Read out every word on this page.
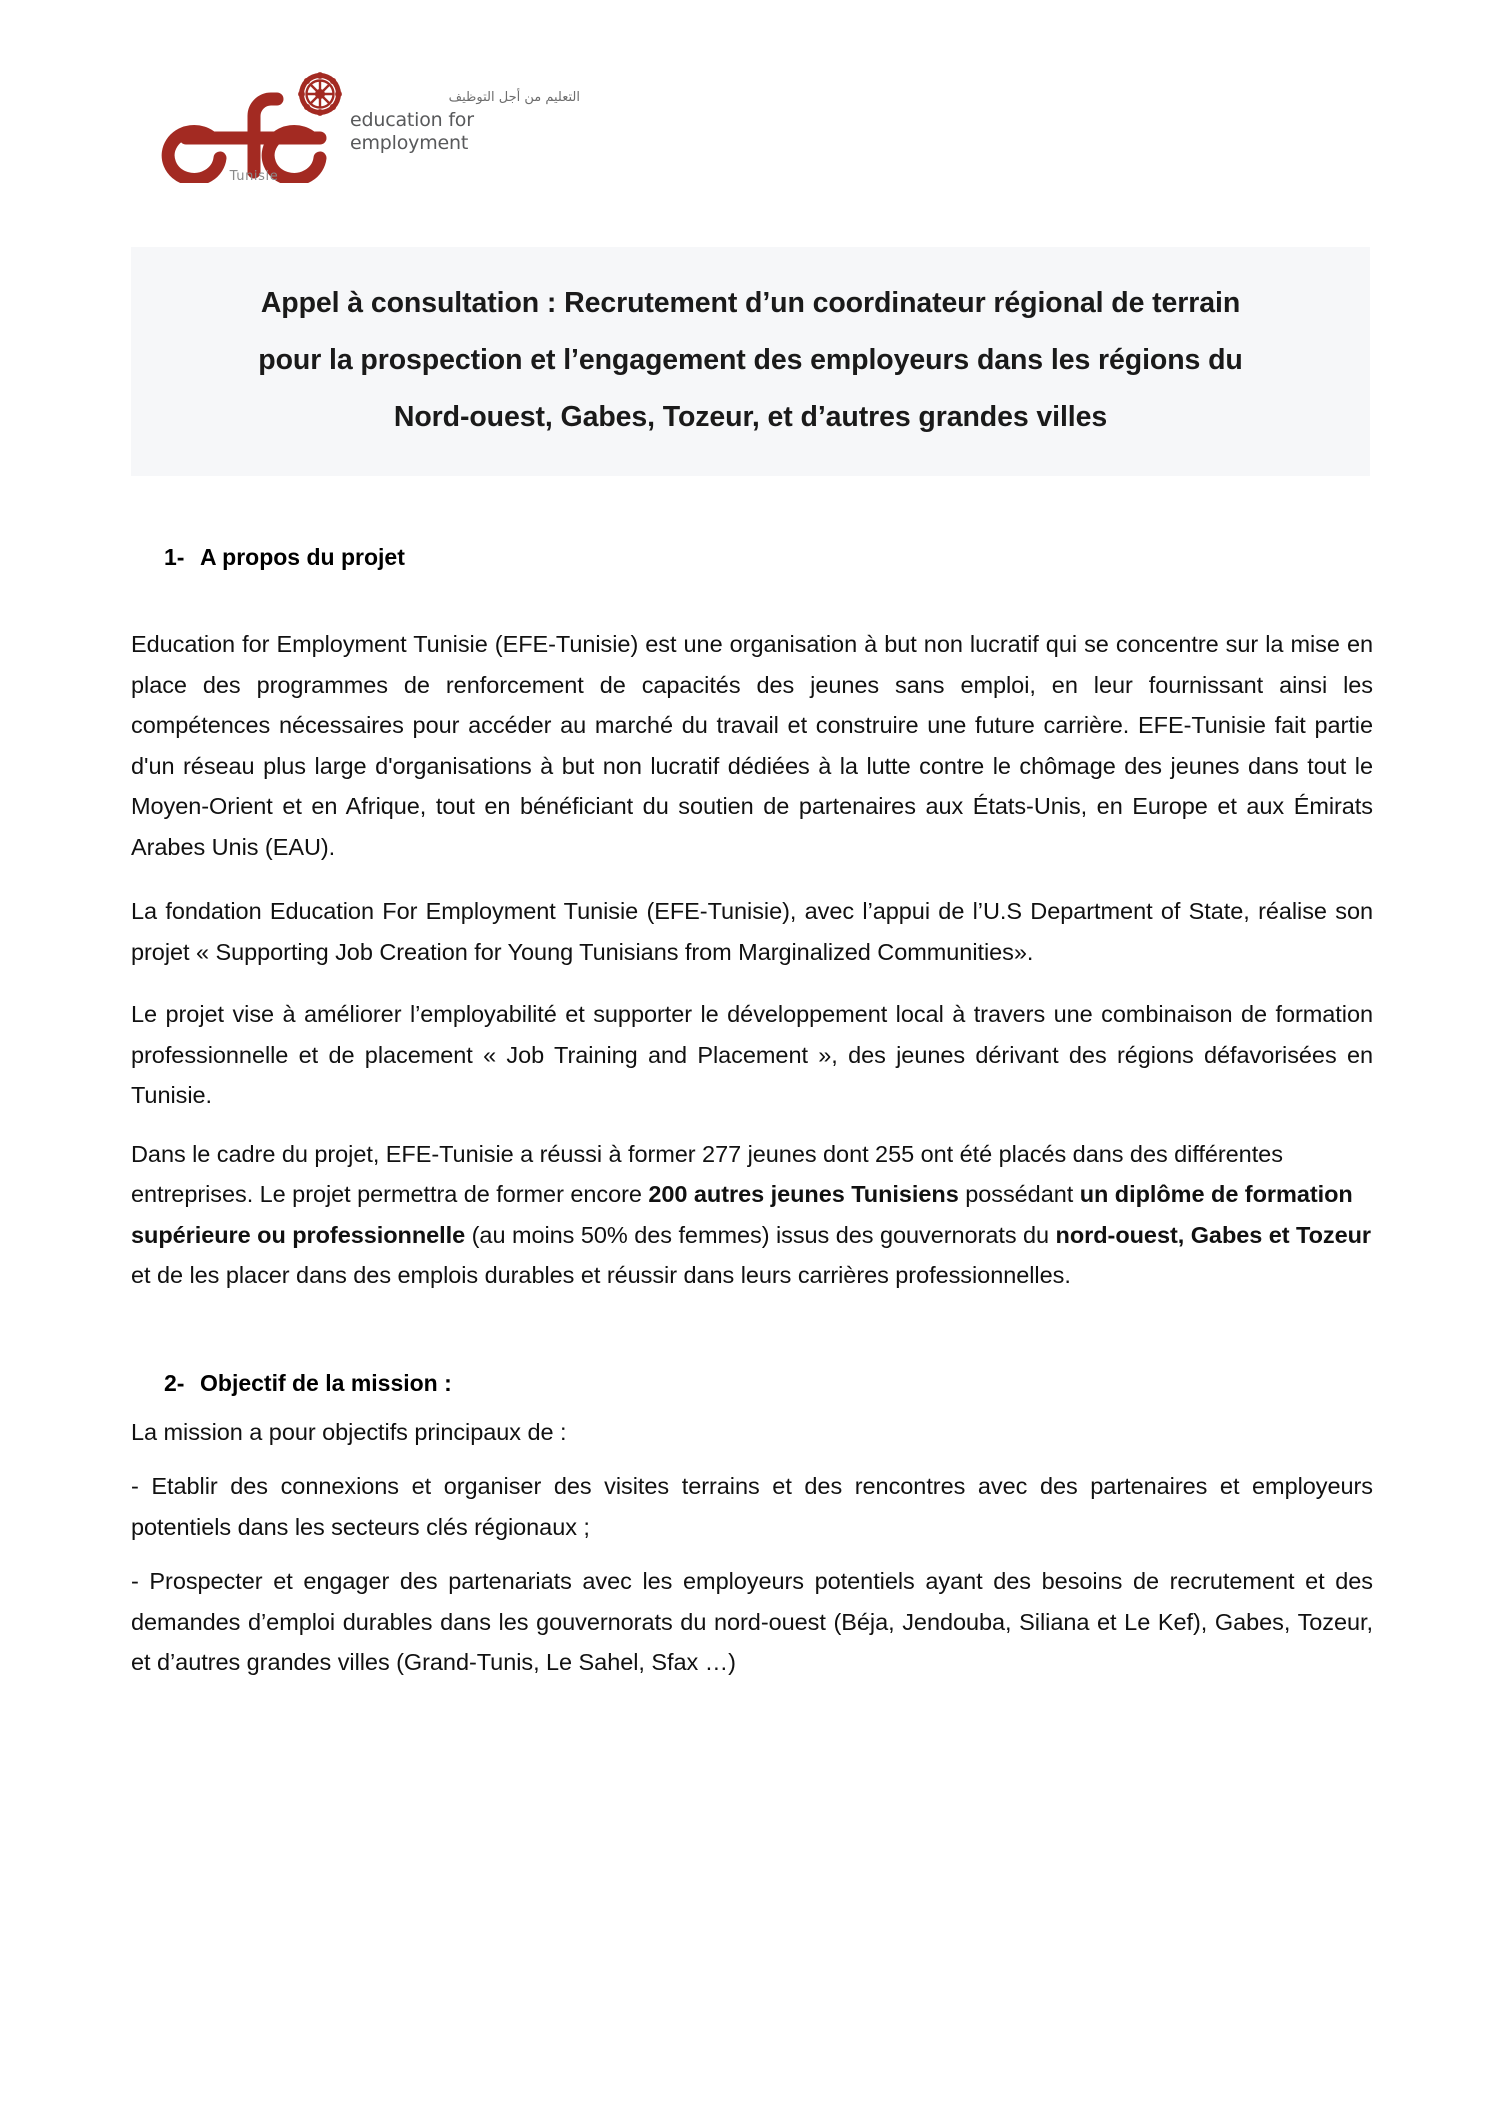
Tunisie
التعليم من أجل التوظيف
education for
employment
Appel à consultation : Recrutement d’un coordinateur régional de terrain
pour la prospection et l’engagement des employeurs dans les régions du
Nord-ouest, Gabes, Tozeur, et d’autres grandes villes
1- A propos du projet

Education for Employment Tunisie (EFE-Tunisie) est une organisation à but non lucratif qui se concentre sur la mise en place des programmes de renforcement de capacités des jeunes sans emploi, en leur fournissant ainsi les compétences nécessaires pour accéder au marché du travail et construire une future carrière. EFE-Tunisie fait partie d'un réseau plus large d'organisations à but non lucratif dédiées à la lutte contre le chômage des jeunes dans tout le Moyen-Orient et en Afrique, tout en bénéficiant du soutien de partenaires aux États-Unis, en Europe et aux Émirats Arabes Unis (EAU).

La fondation Education For Employment Tunisie (EFE-Tunisie), avec l’appui de l’U.S Department of State, réalise son projet « Supporting Job Creation for Young Tunisians from Marginalized Communities».

Le projet vise à améliorer l’employabilité et supporter le développement local à travers une combinaison de formation professionnelle et de placement « Job Training and Placement », des jeunes dérivant des régions défavorisées en Tunisie.

Dans le cadre du projet, EFE-Tunisie a réussi à former 277 jeunes dont 255 ont été placés dans des différentes entreprises. Le projet permettra de former encore 200 autres jeunes Tunisiens possédant un diplôme de formation supérieure ou professionnelle (au moins 50% des femmes) issus des gouvernorats du nord-ouest, Gabes et Tozeur et de les placer dans des emplois durables et réussir dans leurs carrières professionnelles.

2- Objectif de la mission :

La mission a pour objectifs principaux de :

- Etablir des connexions et organiser des visites terrains et des rencontres avec des partenaires et employeurs potentiels dans les secteurs clés régionaux ;

- Prospecter et engager des partenariats avec les employeurs potentiels ayant des besoins de recrutement et des demandes d’emploi durables dans les gouvernorats du nord-ouest (Béja, Jendouba, Siliana et Le Kef), Gabes, Tozeur, et d’autres grandes villes (Grand-Tunis, Le Sahel, Sfax …)
